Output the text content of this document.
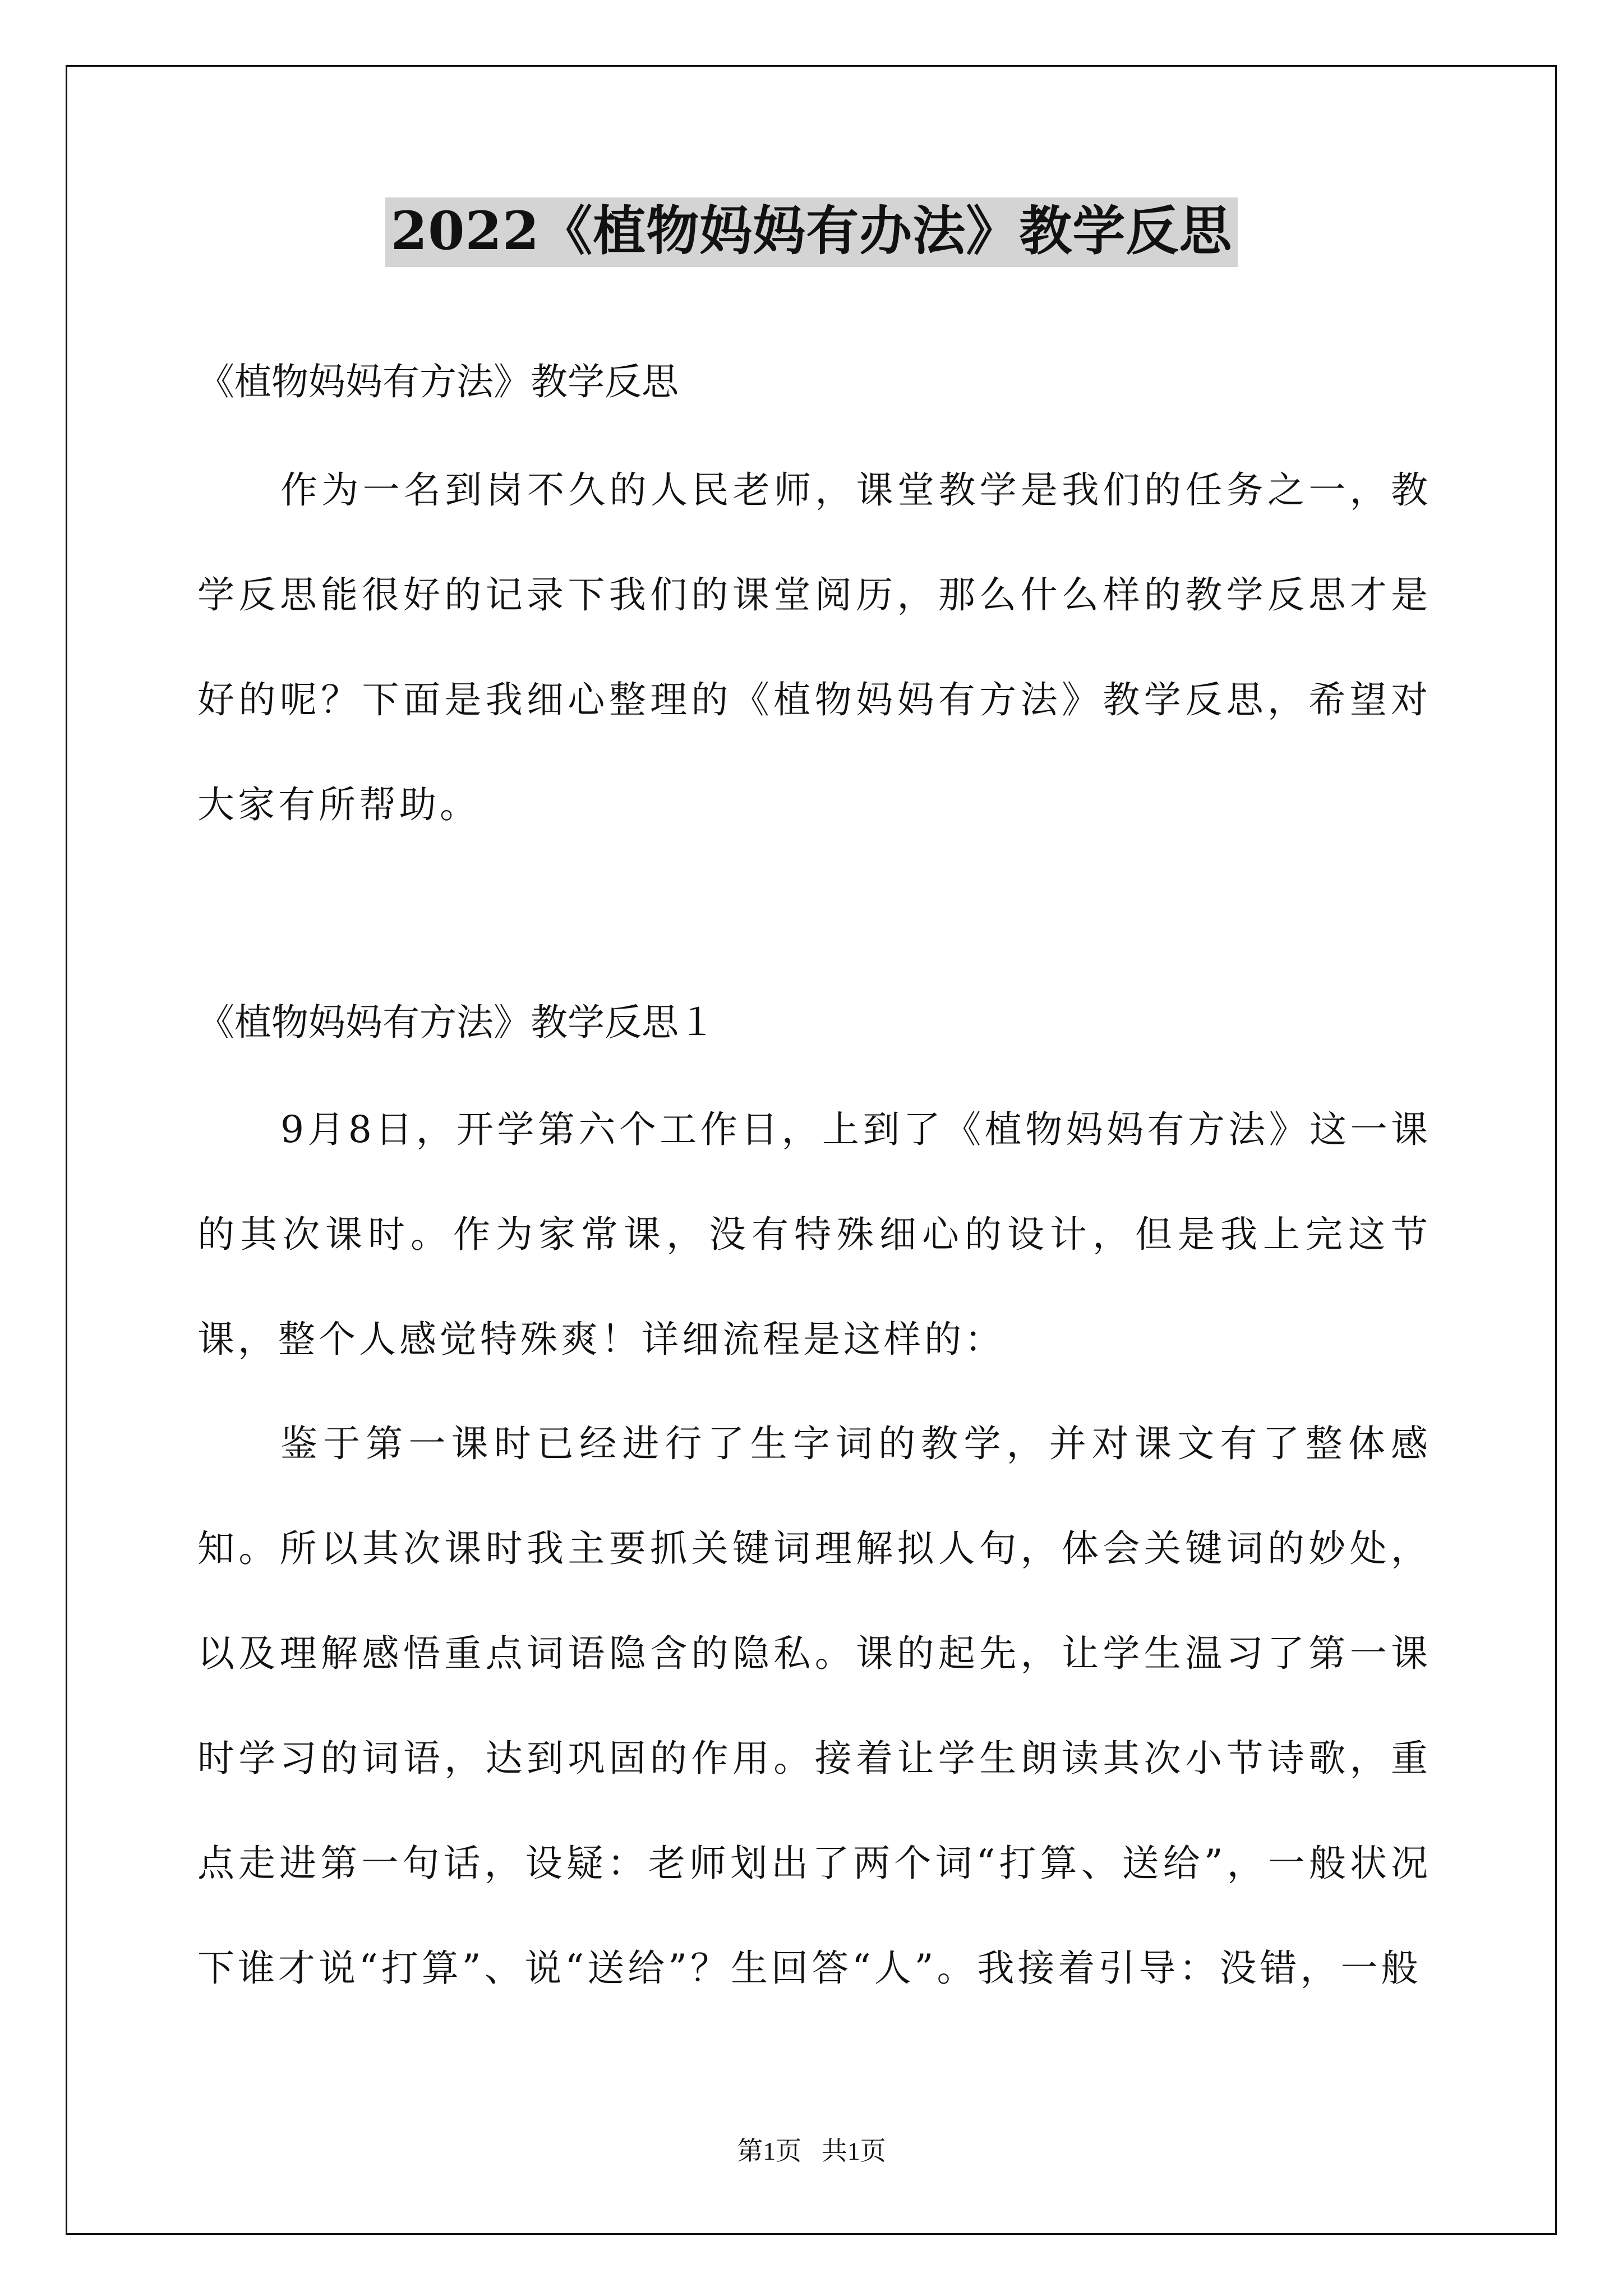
2022《植物妈妈有办法》教学反思
《植物妈妈有方法》教学反思

作为一名到岗不久的人民老师，课堂教学是我们的任务之一，教学反思能很好的记录下我们的课堂阅历，那么什么样的教学反思才是好的呢？下面是我细心整理的《植物妈妈有方法》教学反思，希望对大家有所帮助。

《植物妈妈有方法》教学反思１

9月8日，开学第六个工作日，上到了《植物妈妈有方法》这一课的其次课时。作为家常课，没有特殊细心的设计，但是我上完这节课，整个人感觉特殊爽！详细流程是这样的：

鉴于第一课时已经进行了生字词的教学，并对课文有了整体感知。所以其次课时我主要抓关键词理解拟人句，体会关键词的妙处，以及理解感悟重点词语隐含的隐私。课的起先，让学生温习了第一课时学习的词语，达到巩固的作用。接着让学生朗读其次小节诗歌，重点走进第一句话，设疑：老师划出了两个词“打算、送给”，一般状况下谁才说“打算”、说“送给”？生回答“人”。我接着引导：没错，一般

第1页 共1页
